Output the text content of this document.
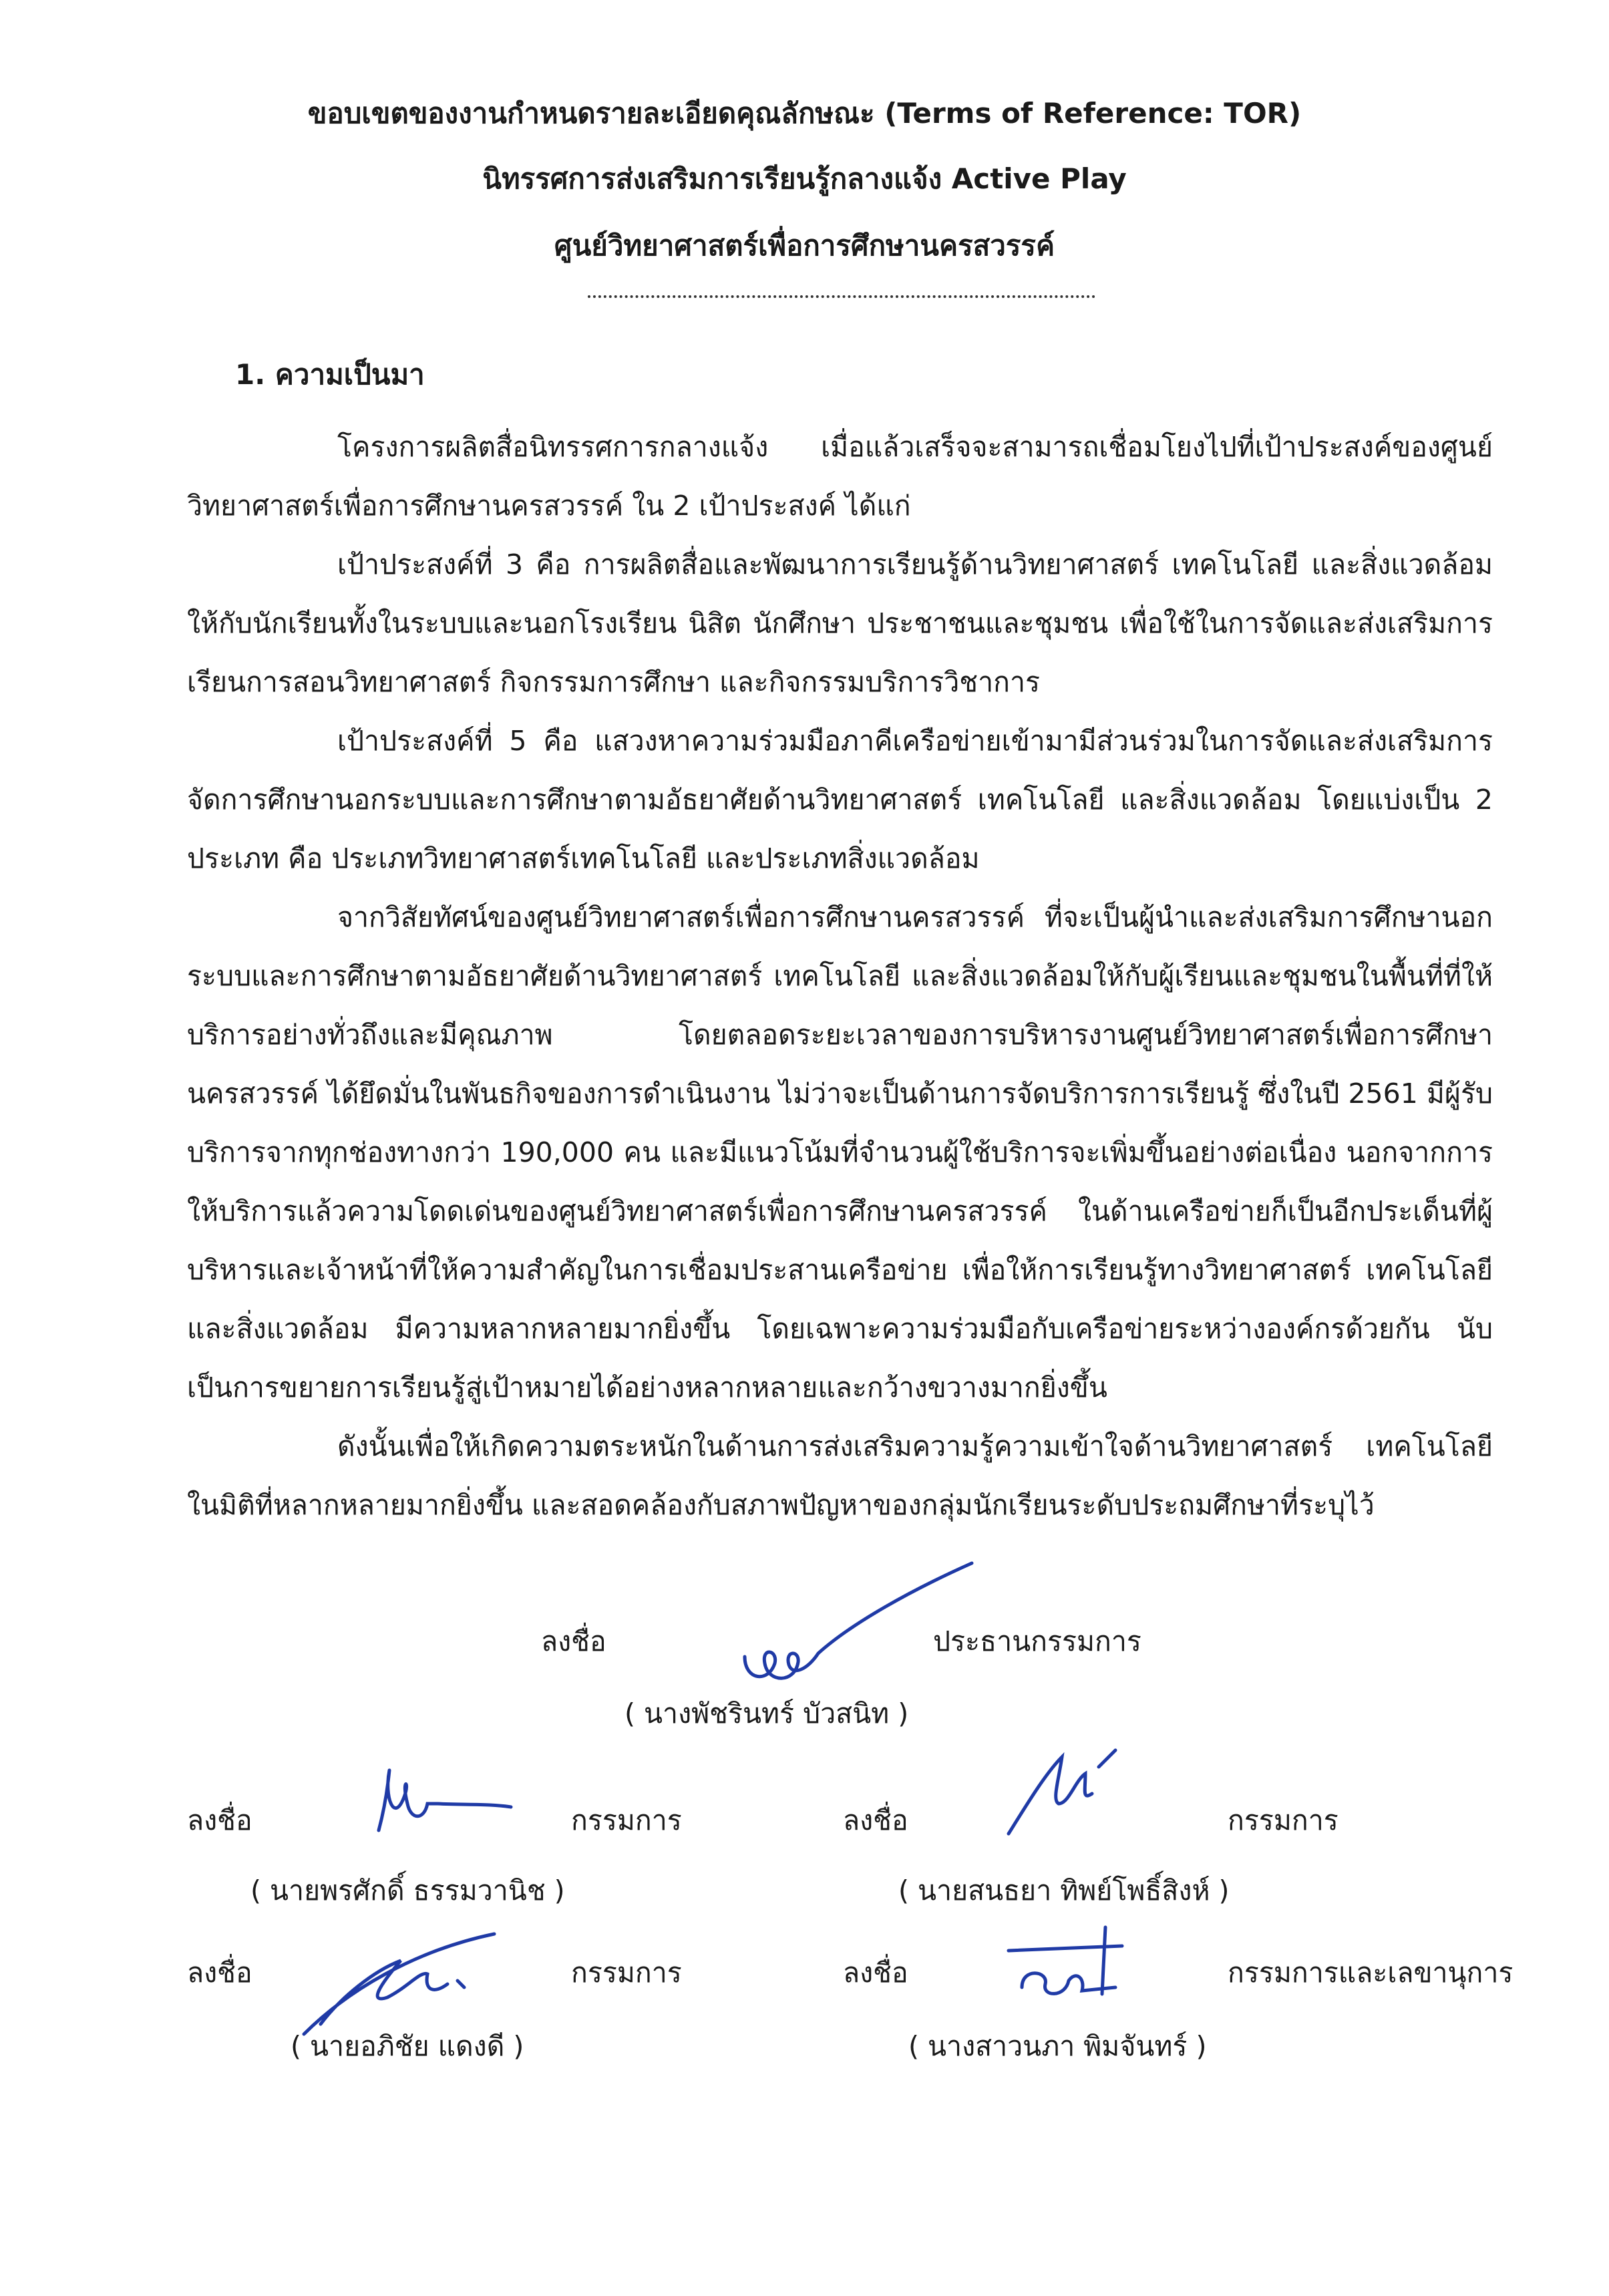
ขอบเขตของงานกำหนดรายละเอียดคุณลักษณะ (Terms of Reference: TOR)
นิทรรศการส่งเสริมการเรียนรู้กลางแจ้ง Active Play
ศูนย์วิทยาศาสตร์เพื่อการศึกษานครสวรรค์
1. ความเป็นมา

โครงการผลิตสื่อนิทรรศการกลางแจ้ง เมื่อแล้วเสร็จจะสามารถเชื่อมโยงไปที่เป้าประสงค์ของศูนย์วิทยาศาสตร์เพื่อการศึกษานครสวรรค์ ใน 2 เป้าประสงค์ ได้แก่

เป้าประสงค์ที่ 3 คือ การผลิตสื่อและพัฒนาการเรียนรู้ด้านวิทยาศาสตร์ เทคโนโลยี และสิ่งแวดล้อมให้กับนักเรียนทั้งในระบบและนอกโรงเรียน นิสิต นักศึกษา ประชาชนและชุมชน เพื่อใช้ในการจัดและส่งเสริมการเรียนการสอนวิทยาศาสตร์ กิจกรรมการศึกษา และกิจกรรมบริการวิชาการ

เป้าประสงค์ที่ 5 คือ แสวงหาความร่วมมือภาคีเครือข่ายเข้ามามีส่วนร่วมในการจัดและส่งเสริมการจัดการศึกษานอกระบบและการศึกษาตามอัธยาศัยด้านวิทยาศาสตร์ เทคโนโลยี และสิ่งแวดล้อม โดยแบ่งเป็น 2 ประเภท คือ ประเภทวิทยาศาสตร์เทคโนโลยี และประเภทสิ่งแวดล้อม

จากวิสัยทัศน์ของศูนย์วิทยาศาสตร์เพื่อการศึกษานครสวรรค์ ที่จะเป็นผู้นำและส่งเสริมการศึกษานอกระบบและการศึกษาตามอัธยาศัยด้านวิทยาศาสตร์ เทคโนโลยี และสิ่งแวดล้อมให้กับผู้เรียนและชุมชนในพื้นที่ที่ให้บริการอย่างทั่วถึงและมีคุณภาพ โดยตลอดระยะเวลาของการบริหารงานศูนย์วิทยาศาสตร์เพื่อการศึกษานครสวรรค์ ได้ยึดมั่นในพันธกิจของการดำเนินงาน ไม่ว่าจะเป็นด้านการจัดบริการการเรียนรู้ ซึ่งในปี 2561 มีผู้รับบริการจากทุกช่องทางกว่า 190,000 คน และมีแนวโน้มที่จำนวนผู้ใช้บริการจะเพิ่มขึ้นอย่างต่อเนื่อง นอกจากการให้บริการแล้วความโดดเด่นของศูนย์วิทยาศาสตร์เพื่อการศึกษานครสวรรค์ ในด้านเครือข่ายก็เป็นอีกประเด็นที่ผู้บริหารและเจ้าหน้าที่ให้ความสำคัญในการเชื่อมประสานเครือข่าย เพื่อให้การเรียนรู้ทางวิทยาศาสตร์ เทคโนโลยีและสิ่งแวดล้อม มีความหลากหลายมากยิ่งขึ้น โดยเฉพาะความร่วมมือกับเครือข่ายระหว่างองค์กรด้วยกัน นับเป็นการขยายการเรียนรู้สู่เป้าหมายได้อย่างหลากหลายและกว้างขวางมากยิ่งขึ้น

ดังนั้นเพื่อให้เกิดความตระหนักในด้านการส่งเสริมความรู้ความเข้าใจด้านวิทยาศาสตร์ เทคโนโลยี ในมิติที่หลากหลายมากยิ่งขึ้น และสอดคล้องกับสภาพปัญหาของกลุ่มนักเรียนระดับประถมศึกษาที่ระบุไว้

ลงชื่อ	ประธานกรรมการ
( นางพัชรินทร์ บัวสนิท )
ลงชื่อ	กรรมการ
( นายพรศักดิ์ ธรรมวานิช )
ลงชื่อ	กรรมการ
( นายสนธยา ทิพย์โพธิ์สิงห์ )
ลงชื่อ	กรรมการ
( นายอภิชัย แดงดี )
ลงชื่อ	กรรมการและเลขานุการ
( นางสาวนภา พิมจันทร์ )
